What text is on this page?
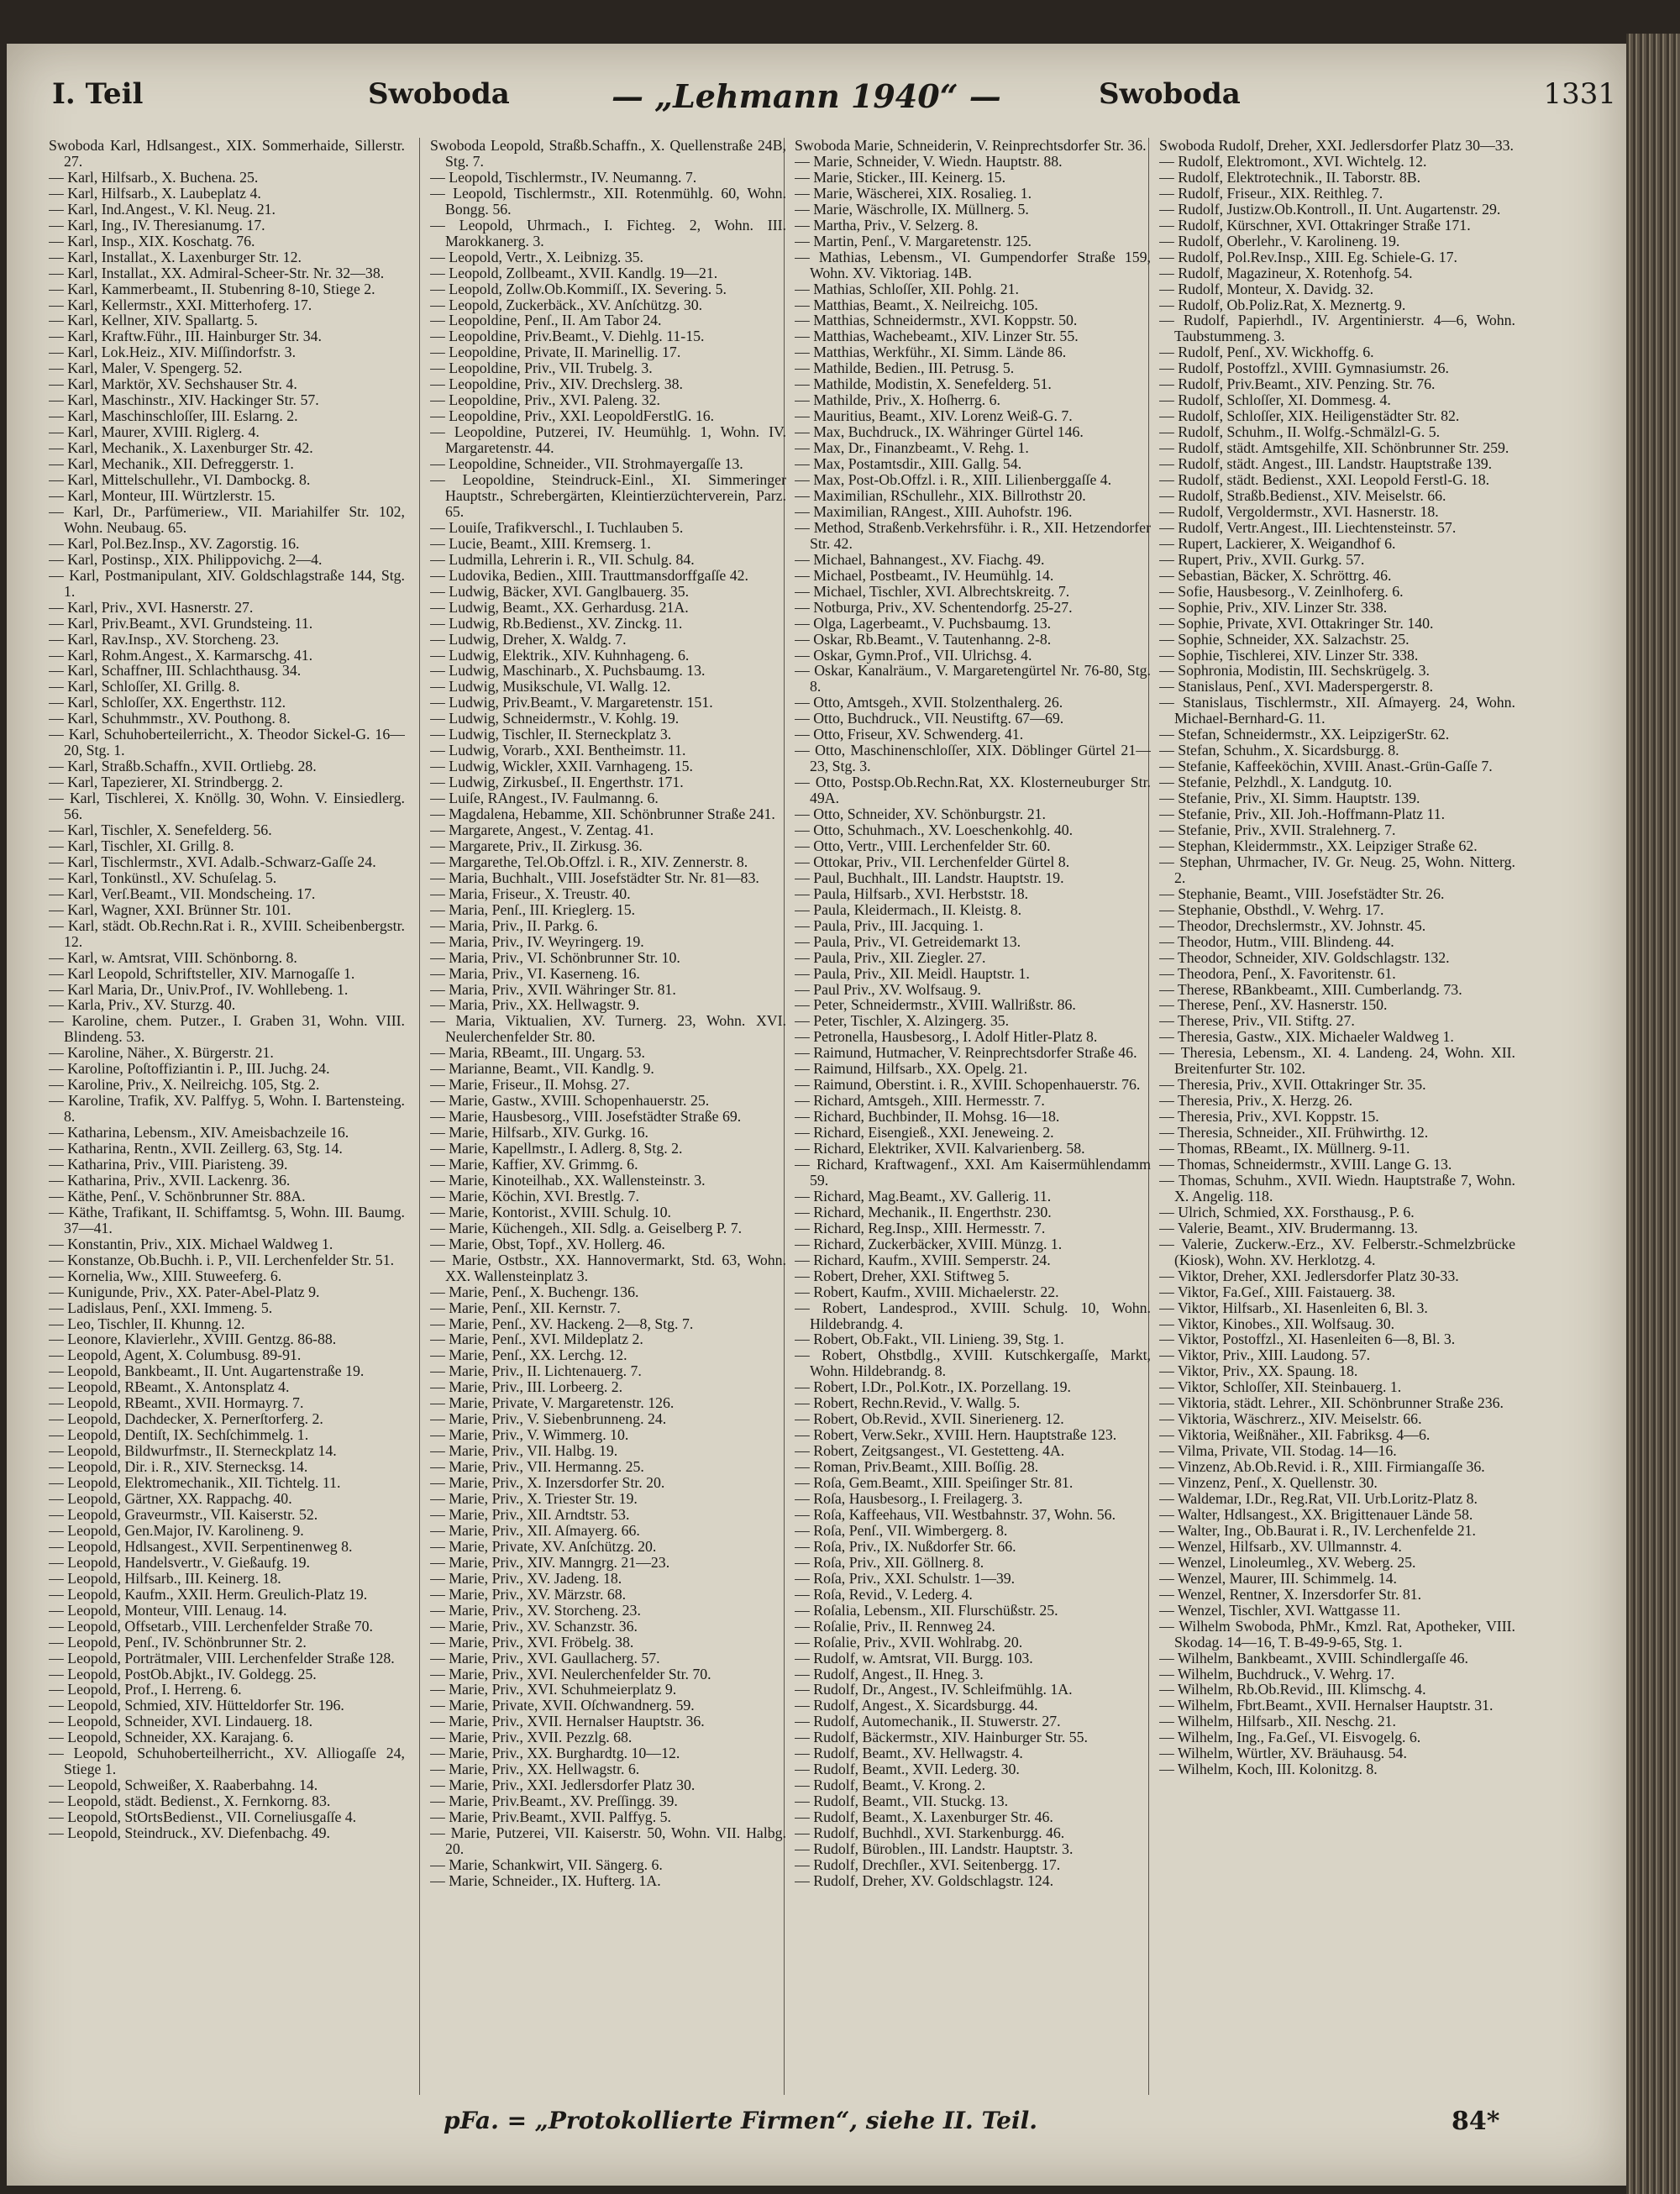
I. Teil	Swoboda	— „Lehmann 1940“ —	Swoboda	1331

Swoboda Karl, Hdlsangest., XIX. Sommerhaide, Sillerstr. 27.

— Karl, Hilfsarb., X. Buchena. 25.

— Karl, Hilfsarb., X. Laubeplatz 4.

— Karl, Ind.Angest., V. Kl. Neug. 21.

— Karl, Ing., IV. Theresianumg. 17.

— Karl, Insp., XIX. Koschatg. 76.

— Karl, Installat., X. Laxenburger Str. 12.

— Karl, Installat., XX. Admiral-Scheer-Str. Nr. 32—38.

— Karl, Kammerbeamt., II. Stubenring 8-10, Stiege 2.

— Karl, Kellermstr., XXI. Mitterhoferg. 17.

— Karl, Kellner, XIV. Spallartg. 5.

— Karl, Kraftw.Führ., III. Hainburger Str. 34.

— Karl, Lok.Heiz., XIV. Miſſindorfstr. 3.

— Karl, Maler, V. Spengerg. 52.

— Karl, Marktör, XV. Sechshauser Str. 4.

— Karl, Maschinstr., XIV. Hackinger Str. 57.

— Karl, Maschinschloſſer, III. Eslarng. 2.

— Karl, Maurer, XVIII. Riglerg. 4.

— Karl, Mechanik., X. Laxenburger Str. 42.

— Karl, Mechanik., XII. Defreggerstr. 1.

— Karl, Mittelschullehr., VI. Dambockg. 8.

— Karl, Monteur, III. Würtzlerstr. 15.

— Karl, Dr., Parfümeriew., VII. Mariahilfer Str. 102, Wohn. Neubaug. 65.

— Karl, Pol.Bez.Insp., XV. Zagorstig. 16.

— Karl, Postinsp., XIX. Philippovichg. 2—4.

— Karl, Postmanipulant, XIV. Goldschlagstraße 144, Stg. 1.

— Karl, Priv., XVI. Hasnerstr. 27.

— Karl, Priv.Beamt., XVI. Grundsteing. 11.

— Karl, Rav.Insp., XV. Storcheng. 23.

— Karl, Rohm.Angest., X. Karmarschg. 41.

— Karl, Schaffner, III. Schlachthausg. 34.

— Karl, Schloſſer, XI. Grillg. 8.

— Karl, Schloſſer, XX. Engerthstr. 112.

— Karl, Schuhmmstr., XV. Pouthong. 8.

— Karl, Schuhoberteilerricht., X. Theodor Sickel-G. 16—20, Stg. 1.

— Karl, Straßb.Schaffn., XVII. Ortliebg. 28.

— Karl, Tapezierer, XI. Strindbergg. 2.

— Karl, Tischlerei, X. Knöllg. 30, Wohn. V. Einsiedlerg. 56.

— Karl, Tischler, X. Senefelderg. 56.

— Karl, Tischler, XI. Grillg. 8.

— Karl, Tischlermstr., XVI. Adalb.-Schwarz-Gaſſe 24.

— Karl, Tonkünstl., XV. Schuſelag. 5.

— Karl, Verſ.Beamt., VII. Mondscheing. 17.

— Karl, Wagner, XXI. Brünner Str. 101.

— Karl, städt. Ob.Rechn.Rat i. R., XVIII. Scheibenbergstr. 12.

— Karl, w. Amtsrat, VIII. Schönborng. 8.

— Karl Leopold, Schriftsteller, XIV. Marnogaſſe 1.

— Karl Maria, Dr., Univ.Prof., IV. Wohllebeng. 1.

— Karla, Priv., XV. Sturzg. 40.

— Karoline, chem. Putzer., I. Graben 31, Wohn. VIII. Blindeng. 53.

— Karoline, Näher., X. Bürgerstr. 21.

— Karoline, Poſtoffiziantin i. P., III. Juchg. 24.

— Karoline, Priv., X. Neilreichg. 105, Stg. 2.

— Karoline, Trafik, XV. Palffyg. 5, Wohn. I. Bartensteing. 8.

— Katharina, Lebensm., XIV. Ameisbachzeile 16.

— Katharina, Rentn., XVII. Zeillerg. 63, Stg. 14.

— Katharina, Priv., VIII. Piaristeng. 39.

— Katharina, Priv., XVII. Lackenrg. 36.

— Käthe, Penſ., V. Schönbrunner Str. 88A.

— Käthe, Trafikant, II. Schiffamtsg. 5, Wohn. III. Baumg. 37—41.

— Konstantin, Priv., XIX. Michael Waldweg 1.

— Konstanze, Ob.Buchh. i. P., VII. Lerchenfelder Str. 51.

— Kornelia, Ww., XIII. Stuweeferg. 6.

— Kunigunde, Priv., XX. Pater-Abel-Platz 9.

— Ladislaus, Penſ., XXI. Immeng. 5.

— Leo, Tischler, II. Khunng. 12.

— Leonore, Klavierlehr., XVIII. Gentzg. 86-88.

— Leopold, Agent, X. Columbusg. 89-91.

— Leopold, Bankbeamt., II. Unt. Augartenstraße 19.

— Leopold, RBeamt., X. Antonsplatz 4.

— Leopold, RBeamt., XVII. Hormayrg. 7.

— Leopold, Dachdecker, X. Pernerſtorferg. 2.

— Leopold, Dentiſt, IX. Sechſchimmelg. 1.

— Leopold, Bildwurfmstr., II. Sterneckplatz 14.

— Leopold, Dir. i. R., XIV. Sternecksg. 14.

— Leopold, Elektromechanik., XII. Tichtelg. 11.

— Leopold, Gärtner, XX. Rappachg. 40.

— Leopold, Graveurmstr., VII. Kaiserstr. 52.

— Leopold, Gen.Major, IV. Karolineng. 9.

— Leopold, Hdlsangest., XVII. Serpentinenweg 8.

— Leopold, Handelsvertr., V. Gießaufg. 19.

— Leopold, Hilfsarb., III. Keinerg. 18.

— Leopold, Kaufm., XXII. Herm. Greulich-Platz 19.

— Leopold, Monteur, VIII. Lenaug. 14.

— Leopold, Offsetarb., VIII. Lerchenfelder Straße 70.

— Leopold, Penſ., IV. Schönbrunner Str. 2.

— Leopold, Porträtmaler, VIII. Lerchenfelder Straße 128.

— Leopold, PostOb.Abjkt., IV. Goldegg. 25.

— Leopold, Prof., I. Herreng. 6.

— Leopold, Schmied, XIV. Hütteldorfer Str. 196.

— Leopold, Schneider, XVI. Lindauerg. 18.

— Leopold, Schneider, XX. Karajang. 6.

— Leopold, Schuhoberteilherricht., XV. Alliogaſſe 24, Stiege 1.

— Leopold, Schweißer, X. Raaberbahng. 14.

— Leopold, städt. Bedienst., X. Fernkorng. 83.

— Leopold, StOrtsBedienst., VII. Corneliusgaſſe 4.

— Leopold, Steindruck., XV. Diefenbachg. 49.

Swoboda Leopold, Straßb.Schaffn., X. Quellenstraße 24B, Stg. 7.

— Leopold, Tischlermstr., IV. Neumanng. 7.

— Leopold, Tischlermstr., XII. Rotenmühlg. 60, Wohn. Bongg. 56.

— Leopold, Uhrmach., I. Fichteg. 2, Wohn. III. Marokkanerg. 3.

— Leopold, Vertr., X. Leibnizg. 35.

— Leopold, Zollbeamt., XVII. Kandlg. 19—21.

— Leopold, Zollw.Ob.Kommiſſ., IX. Severing. 5.

— Leopold, Zuckerbäck., XV. Anſchützg. 30.

— Leopoldine, Penſ., II. Am Tabor 24.

— Leopoldine, Priv.Beamt., V. Diehlg. 11-15.

— Leopoldine, Private, II. Marinellig. 17.

— Leopoldine, Priv., VII. Trubelg. 3.

— Leopoldine, Priv., XIV. Drechslerg. 38.

— Leopoldine, Priv., XVI. Paleng. 32.

— Leopoldine, Priv., XXI. LeopoldFerstlG. 16.

— Leopoldine, Putzerei, IV. Heumühlg. 1, Wohn. IV. Margaretenstr. 44.

— Leopoldine, Schneider., VII. Strohmayergaſſe 13.

— Leopoldine, Steindruck-Einl., XI. Simmeringer Hauptstr., Schrebergärten, Kleintierzüchterverein, Parz. 65.

— Louiſe, Trafikverschl., I. Tuchlauben 5.

— Lucie, Beamt., XIII. Kremserg. 1.

— Ludmilla, Lehrerin i. R., VII. Schulg. 84.

— Ludovika, Bedien., XIII. Trauttmansdorffgaſſe 42.

— Ludwig, Bäcker, XVI. Ganglbauerg. 35.

— Ludwig, Beamt., XX. Gerhardusg. 21A.

— Ludwig, Rb.Bedienst., XV. Zinckg. 11.

— Ludwig, Dreher, X. Waldg. 7.

— Ludwig, Elektrik., XIV. Kuhnhageng. 6.

— Ludwig, Maschinarb., X. Puchsbaumg. 13.

— Ludwig, Musikschule, VI. Wallg. 12.

— Ludwig, Priv.Beamt., V. Margaretenstr. 151.

— Ludwig, Schneidermstr., V. Kohlg. 19.

— Ludwig, Tischler, II. Sterneckplatz 3.

— Ludwig, Vorarb., XXI. Bentheimstr. 11.

— Ludwig, Wickler, XXII. Varnhageng. 15.

— Ludwig, Zirkusbeſ., II. Engerthstr. 171.

— Luiſe, RAngest., IV. Faulmanng. 6.

— Magdalena, Hebamme, XII. Schönbrunner Straße 241.

— Margarete, Angest., V. Zentag. 41.

— Margarete, Priv., II. Zirkusg. 36.

— Margarethe, Tel.Ob.Offzl. i. R., XIV. Zennerstr. 8.

— Maria, Buchhalt., VIII. Josefstädter Str. Nr. 81—83.

— Maria, Friseur., X. Treustr. 40.

— Maria, Penſ., III. Krieglerg. 15.

— Maria, Priv., II. Parkg. 6.

— Maria, Priv., IV. Weyringerg. 19.

— Maria, Priv., VI. Schönbrunner Str. 10.

— Maria, Priv., VI. Kaserneng. 16.

— Maria, Priv., XVII. Währinger Str. 81.

— Maria, Priv., XX. Hellwagstr. 9.

— Maria, Viktualien, XV. Turnerg. 23, Wohn. XVI. Neulerchenfelder Str. 80.

— Maria, RBeamt., III. Ungarg. 53.

— Marianne, Beamt., VII. Kandlg. 9.

— Marie, Friseur., II. Mohsg. 27.

— Marie, Gastw., XVIII. Schopenhauerstr. 25.

— Marie, Hausbesorg., VIII. Josefstädter Straße 69.

— Marie, Hilfsarb., XIV. Gurkg. 16.

— Marie, Kapellmstr., I. Adlerg. 8, Stg. 2.

— Marie, Kaffier, XV. Grimmg. 6.

— Marie, Kinoteilhab., XX. Wallensteinstr. 3.

— Marie, Köchin, XVI. Brestlg. 7.

— Marie, Kontorist., XVIII. Schulg. 10.

— Marie, Küchengeh., XII. Sdlg. a. Geiselberg P. 7.

— Marie, Obst, Topf., XV. Hollerg. 46.

— Marie, Ostbstr., XX. Hannovermarkt, Std. 63, Wohn. XX. Wallensteinplatz 3.

— Marie, Penſ., X. Buchengr. 136.

— Marie, Penſ., XII. Kernstr. 7.

— Marie, Penſ., XV. Hackeng. 2—8, Stg. 7.

— Marie, Penſ., XVI. Mildeplatz 2.

— Marie, Penſ., XX. Lerchg. 12.

— Marie, Priv., II. Lichtenauerg. 7.

— Marie, Priv., III. Lorbeerg. 2.

— Marie, Private, V. Margaretenstr. 126.

— Marie, Priv., V. Siebenbrunneng. 24.

— Marie, Priv., V. Wimmerg. 10.

— Marie, Priv., VII. Halbg. 19.

— Marie, Priv., VII. Hermanng. 25.

— Marie, Priv., X. Inzersdorfer Str. 20.

— Marie, Priv., X. Triester Str. 19.

— Marie, Priv., XII. Arndtstr. 53.

— Marie, Priv., XII. Aſmayerg. 66.

— Marie, Private, XV. Anſchützg. 20.

— Marie, Priv., XIV. Manngrg. 21—23.

— Marie, Priv., XV. Jadeng. 18.

— Marie, Priv., XV. Märzstr. 68.

— Marie, Priv., XV. Storcheng. 23.

— Marie, Priv., XV. Schanzstr. 36.

— Marie, Priv., XVI. Fröbelg. 38.

— Marie, Priv., XVI. Gaullacherg. 57.

— Marie, Priv., XVI. Neulerchenfelder Str. 70.

— Marie, Priv., XVI. Schuhmeierplatz 9.

— Marie, Private, XVII. Oſchwandnerg. 59.

— Marie, Priv., XVII. Hernalser Hauptstr. 36.

— Marie, Priv., XVII. Pezzlg. 68.

— Marie, Priv., XX. Burghardtg. 10—12.

— Marie, Priv., XX. Hellwagstr. 6.

— Marie, Priv., XXI. Jedlersdorfer Platz 30.

— Marie, Priv.Beamt., XV. Preſſingg. 39.

— Marie, Priv.Beamt., XVII. Palffyg. 5.

— Marie, Putzerei, VII. Kaiserstr. 50, Wohn. VII. Halbg. 20.

— Marie, Schankwirt, VII. Sängerg. 6.

— Marie, Schneider., IX. Hufterg. 1A.

Swoboda Marie, Schneiderin, V. Reinprechtsdorfer Str. 36.

— Marie, Schneider, V. Wiedn. Hauptstr. 88.

— Marie, Sticker., III. Keinerg. 15.

— Marie, Wäscherei, XIX. Rosalieg. 1.

— Marie, Wäschrolle, IX. Müllnerg. 5.

— Martha, Priv., V. Selzerg. 8.

— Martin, Penſ., V. Margaretenstr. 125.

— Mathias, Lebensm., VI. Gumpendorfer Straße 159, Wohn. XV. Viktoriag. 14B.

— Mathias, Schloſſer, XII. Pohlg. 21.

— Matthias, Beamt., X. Neilreichg. 105.

— Matthias, Schneidermstr., XVI. Koppstr. 50.

— Matthias, Wachebeamt., XIV. Linzer Str. 55.

— Matthias, Werkführ., XI. Simm. Lände 86.

— Mathilde, Bedien., III. Petrusg. 5.

— Mathilde, Modistin, X. Senefelderg. 51.

— Mathilde, Priv., X. Hoſherrg. 6.

— Mauritius, Beamt., XIV. Lorenz Weiß-G. 7.

— Max, Buchdruck., IX. Währinger Gürtel 146.

— Max, Dr., Finanzbeamt., V. Rehg. 1.

— Max, Postamtsdir., XIII. Gallg. 54.

— Max, Post-Ob.Offzl. i. R., XIII. Lilienberggaſſe 4.

— Maximilian, RSchullehr., XIX. Billrothstr 20.

— Maximilian, RAngest., XIII. Auhofstr. 196.

— Method, Straßenb.Verkehrsführ. i. R., XII. Hetzendorfer Str. 42.

— Michael, Bahnangest., XV. Fiachg. 49.

— Michael, Postbeamt., IV. Heumühlg. 14.

— Michael, Tischler, XVI. Albrechtskreitg. 7.

— Notburga, Priv., XV. Schentendorfg. 25-27.

— Olga, Lagerbeamt., V. Puchsbaumg. 13.

— Oskar, Rb.Beamt., V. Tautenhanng. 2-8.

— Oskar, Gymn.Prof., VII. Ulrichsg. 4.

— Oskar, Kanalräum., V. Margaretengürtel Nr. 76-80, Stg. 8.

— Otto, Amtsgeh., XVII. Stolzenthalerg. 26.

— Otto, Buchdruck., VII. Neustiftg. 67—69.

— Otto, Friseur, XV. Schwenderg. 41.

— Otto, Maschinenschloſſer, XIX. Döblinger Gürtel 21—23, Stg. 3.

— Otto, Postsp.Ob.Rechn.Rat, XX. Klosterneuburger Str. 49A.

— Otto, Schneider, XV. Schönburgstr. 21.

— Otto, Schuhmach., XV. Loeschenkohlg. 40.

— Otto, Vertr., VIII. Lerchenfelder Str. 60.

— Ottokar, Priv., VII. Lerchenfelder Gürtel 8.

— Paul, Buchhalt., III. Landstr. Hauptstr. 19.

— Paula, Hilfsarb., XVI. Herbststr. 18.

— Paula, Kleidermach., II. Kleistg. 8.

— Paula, Priv., III. Jacquing. 1.

— Paula, Priv., VI. Getreidemarkt 13.

— Paula, Priv., XII. Ziegler. 27.

— Paula, Priv., XII. Meidl. Hauptstr. 1.

— Paul Priv., XV. Wolfsaug. 9.

— Peter, Schneidermstr., XVIII. Wallrißstr. 86.

— Peter, Tischler, X. Alzingerg. 35.

— Petronella, Hausbesorg., I. Adolf Hitler-Platz 8.

— Raimund, Hutmacher, V. Reinprechtsdorfer Straße 46.

— Raimund, Hilfsarb., XX. Opelg. 21.

— Raimund, Oberstint. i. R., XVIII. Schopenhauerstr. 76.

— Richard, Amtsgeh., XIII. Hermesstr. 7.

— Richard, Buchbinder, II. Mohsg. 16—18.

— Richard, Eisengieß., XXI. Jeneweing. 2.

— Richard, Elektriker, XVII. Kalvarienberg. 58.

— Richard, Kraftwagenf., XXI. Am Kaisermühlendamm 59.

— Richard, Mag.Beamt., XV. Gallerig. 11.

— Richard, Mechanik., II. Engerthstr. 230.

— Richard, Reg.Insp., XIII. Hermesstr. 7.

— Richard, Zuckerbäcker, XVIII. Münzg. 1.

— Richard, Kaufm., XVIII. Semperstr. 24.

— Robert, Dreher, XXI. Stiftweg 5.

— Robert, Kaufm., XVIII. Michaelerstr. 22.

— Robert, Landesprod., XVIII. Schulg. 10, Wohn. Hildebrandg. 4.

— Robert, Ob.Fakt., VII. Linieng. 39, Stg. 1.

— Robert, Ohstbdlg., XVIII. Kutschkergaſſe, Markt, Wohn. Hildebrandg. 8.

— Robert, I.Dr., Pol.Kotr., IX. Porzellang. 19.

— Robert, Rechn.Revid., V. Wallg. 5.

— Robert, Ob.Revid., XVII. Sinerienerg. 12.

— Robert, Verw.Sekr., XVIII. Hern. Hauptstraße 123.

— Robert, Zeitgsangest., VI. Gestetteng. 4A.

— Roman, Priv.Beamt., XIII. Boſſig. 28.

— Roſa, Gem.Beamt., XIII. Speiſinger Str. 81.

— Roſa, Hausbesorg., I. Freilagerg. 3.

— Roſa, Kaffeehaus, VII. Westbahnstr. 37, Wohn. 56.

— Roſa, Penſ., VII. Wimbergerg. 8.

— Roſa, Priv., IX. Nußdorfer Str. 66.

— Roſa, Priv., XII. Göllnerg. 8.

— Roſa, Priv., XXI. Schulstr. 1—39.

— Roſa, Revid., V. Lederg. 4.

— Roſalia, Lebensm., XII. Flurschüßstr. 25.

— Roſalie, Priv., II. Rennweg 24.

— Roſalie, Priv., XVII. Wohlrabg. 20.

— Rudolf, w. Amtsrat, VII. Burgg. 103.

— Rudolf, Angest., II. Hneg. 3.

— Rudolf, Dr., Angest., IV. Schleifmühlg. 1A.

— Rudolf, Angest., X. Sicardsburgg. 44.

— Rudolf, Automechanik., II. Stuwerstr. 27.

— Rudolf, Bäckermstr., XIV. Hainburger Str. 55.

— Rudolf, Beamt., XV. Hellwagstr. 4.

— Rudolf, Beamt., XVII. Lederg. 30.

— Rudolf, Beamt., V. Krong. 2.

— Rudolf, Beamt., VII. Stuckg. 13.

— Rudolf, Beamt., X. Laxenburger Str. 46.

— Rudolf, Buchhdl., XVI. Starkenburgg. 46.

— Rudolf, Büroblen., III. Landstr. Hauptstr. 3.

— Rudolf, Drechſler., XVI. Seitenbergg. 17.

— Rudolf, Dreher, XV. Goldschlagstr. 124.

Swoboda Rudolf, Dreher, XXI. Jedlersdorfer Platz 30—33.

— Rudolf, Elektromont., XVI. Wichtelg. 12.

— Rudolf, Elektrotechnik., II. Taborstr. 8B.

— Rudolf, Friseur., XIX. Reithleg. 7.

— Rudolf, Justizw.Ob.Kontroll., II. Unt. Augartenstr. 29.

— Rudolf, Kürschner, XVI. Ottakringer Straße 171.

— Rudolf, Oberlehr., V. Karolineng. 19.

— Rudolf, Pol.Rev.Insp., XIII. Eg. Schiele-G. 17.

— Rudolf, Magazineur, X. Rotenhofg. 54.

— Rudolf, Monteur, X. Davidg. 32.

— Rudolf, Ob.Poliz.Rat, X. Meznertg. 9.

— Rudolf, Papierhdl., IV. Argentinierstr. 4—6, Wohn. Taubstummeng. 3.

— Rudolf, Penſ., XV. Wickhoffg. 6.

— Rudolf, Postoffzl., XVIII. Gymnasiumstr. 26.

— Rudolf, Priv.Beamt., XIV. Penzing. Str. 76.

— Rudolf, Schloſſer, XI. Dommesg. 4.

— Rudolf, Schloſſer, XIX. Heiligenstädter Str. 82.

— Rudolf, Schuhm., II. Wolfg.-Schmälzl-G. 5.

— Rudolf, städt. Amtsgehilfe, XII. Schönbrunner Str. 259.

— Rudolf, städt. Angest., III. Landstr. Hauptstraße 139.

— Rudolf, städt. Bedienst., XXI. Leopold Ferstl-G. 18.

— Rudolf, Straßb.Bedienst., XIV. Meiselstr. 66.

— Rudolf, Vergoldermstr., XVI. Hasnerstr. 18.

— Rudolf, Vertr.Angest., III. Liechtensteinstr. 57.

— Rupert, Lackierer, X. Weigandhof 6.

— Rupert, Priv., XVII. Gurkg. 57.

— Sebastian, Bäcker, X. Schröttrg. 46.

— Sofie, Hausbesorg., V. Zeinlhoferg. 6.

— Sophie, Priv., XIV. Linzer Str. 338.

— Sophie, Private, XVI. Ottakringer Str. 140.

— Sophie, Schneider, XX. Salzachstr. 25.

— Sophie, Tischlerei, XIV. Linzer Str. 338.

— Sophronia, Modistin, III. Sechskrügelg. 3.

— Stanislaus, Penſ., XVI. Maderspergerstr. 8.

— Stanislaus, Tischlermstr., XII. Aſmayerg. 24, Wohn. Michael-Bernhard-G. 11.

— Stefan, Schneidermstr., XX. LeipzigerStr. 62.

— Stefan, Schuhm., X. Sicardsburgg. 8.

— Stefanie, Kaffeeköchin, XVIII. Anast.-Grün-Gaſſe 7.

— Stefanie, Pelzhdl., X. Landgutg. 10.

— Stefanie, Priv., XI. Simm. Hauptstr. 139.

— Stefanie, Priv., XII. Joh.-Hoffmann-Platz 11.

— Stefanie, Priv., XVII. Stralehnerg. 7.

— Stephan, Kleidermmstr., XX. Leipziger Straße 62.

— Stephan, Uhrmacher, IV. Gr. Neug. 25, Wohn. Nitterg. 2.

— Stephanie, Beamt., VIII. Josefstädter Str. 26.

— Stephanie, Obsthdl., V. Wehrg. 17.

— Theodor, Drechslermstr., XV. Johnstr. 45.

— Theodor, Hutm., VIII. Blindeng. 44.

— Theodor, Schneider, XIV. Goldschlagstr. 132.

— Theodora, Penſ., X. Favoritenstr. 61.

— Therese, RBankbeamt., XIII. Cumberlandg. 73.

— Therese, Penſ., XV. Hasnerstr. 150.

— Therese, Priv., VII. Stiftg. 27.

— Theresia, Gastw., XIX. Michaeler Waldweg 1.

— Theresia, Lebensm., XI. 4. Landeng. 24, Wohn. XII. Breitenfurter Str. 102.

— Theresia, Priv., XVII. Ottakringer Str. 35.

— Theresia, Priv., X. Herzg. 26.

— Theresia, Priv., XVI. Koppstr. 15.

— Theresia, Schneider., XII. Frühwirthg. 12.

— Thomas, RBeamt., IX. Müllnerg. 9-11.

— Thomas, Schneidermstr., XVIII. Lange G. 13.

— Thomas, Schuhm., XVII. Wiedn. Hauptstraße 7, Wohn. X. Angelig. 118.

— Ulrich, Schmied, XX. Forsthausg., P. 6.

— Valerie, Beamt., XIV. Brudermanng. 13.

— Valerie, Zuckerw.-Erz., XV. Felberstr.-Schmelzbrücke (Kiosk), Wohn. XV. Herklotzg. 4.

— Viktor, Dreher, XXI. Jedlersdorfer Platz 30-33.

— Viktor, Fa.Geſ., XIII. Faistauerg. 38.

— Viktor, Hilfsarb., XI. Hasenleiten 6, Bl. 3.

— Viktor, Kinobes., XII. Wolfsaug. 30.

— Viktor, Postoffzl., XI. Hasenleiten 6—8, Bl. 3.

— Viktor, Priv., XIII. Laudong. 57.

— Viktor, Priv., XX. Spaung. 18.

— Viktor, Schloſſer, XII. Steinbauerg. 1.

— Viktoria, städt. Lehrer., XII. Schönbrunner Straße 236.

— Viktoria, Wäschrerz., XIV. Meiselstr. 66.

— Viktoria, Weißnäher., XII. Fabriksg. 4—6.

— Vilma, Private, VII. Stodag. 14—16.

— Vinzenz, Ab.Ob.Revid. i. R., XIII. Firmiangaſſe 36.

— Vinzenz, Penſ., X. Quellenstr. 30.

— Waldemar, I.Dr., Reg.Rat, VII. Urb.Loritz-Platz 8.

— Walter, Hdlsangest., XX. Brigittenauer Lände 58.

— Walter, Ing., Ob.Baurat i. R., IV. Lerchenfelde 21.

— Wenzel, Hilfsarb., XV. Ullmannstr. 4.

— Wenzel, Linoleumleg., XV. Weberg. 25.

— Wenzel, Maurer, III. Schimmelg. 14.

— Wenzel, Rentner, X. Inzersdorfer Str. 81.

— Wenzel, Tischler, XVI. Wattgasse 11.

— Wilhelm Swoboda, PhMr., Kmzl. Rat, Apotheker, VIII. Skodag. 14—16, T. B-49-9-65, Stg. 1.

— Wilhelm, Bankbeamt., XVIII. Schindlergaſſe 46.

— Wilhelm, Buchdruck., V. Wehrg. 17.

— Wilhelm, Rb.Ob.Revid., III. Klimschg. 4.

— Wilhelm, Fbrt.Beamt., XVII. Hernalser Hauptstr. 31.

— Wilhelm, Hilfsarb., XII. Neschg. 21.

— Wilhelm, Ing., Fa.Geſ., VI. Eisvogelg. 6.

— Wilhelm, Würtler, XV. Bräuhausg. 54.

— Wilhelm, Koch, III. Kolonitzg. 8.

pFa. = „Protokollierte Firmen“, siehe II. Teil.	84*
